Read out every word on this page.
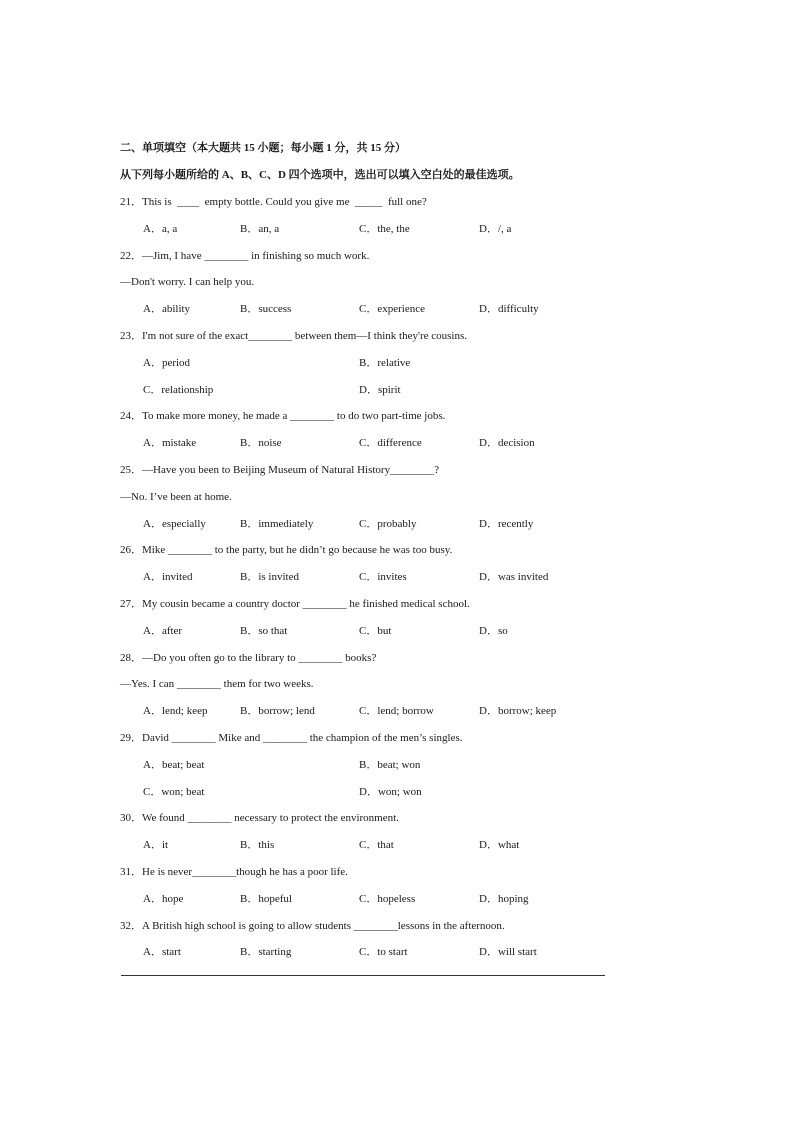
二、单项填空（本大题共 15 小题；每小题 1 分，共 15 分）
从下列每小题所给的 A、B、C、D 四个选项中，选出可以填入空白处的最佳选项。
21．This is  ____  empty bottle. Could you give me  _____  full one?
A．a, a	B．an, a	C．the, the	D．/, a
22．—Jim, I have ________ in finishing so much work.
—Don't worry. I can help you.
A．ability	B．success	C．experience	D．difficulty
23．I'm not sure of the exact________ between them—I think they're cousins.
A．period	B．relative
C．relationship	D．spirit
24．To make more money, he made a ________ to do two part-time jobs.
A．mistake	B．noise	C．difference	D．decision
25．—Have you been to Beijing Museum of Natural History________?
—No. I’ve been at home.
A．especially	B．immediately	C．probably	D．recently
26．Mike ________ to the party, but he didn’t go because he was too busy.
A．invited	B．is invited	C．invites	D．was invited
27．My cousin became a country doctor ________ he finished medical school.
A．after	B．so that	C．but	D．so
28．—Do you often go to the library to ________ books?
—Yes. I can ________ them for two weeks.
A．lend; keep	B．borrow; lend	C．lend; borrow	D．borrow; keep
29．David ________ Mike and ________ the champion of the men’s singles.
A．beat; beat	B．beat; won
C．won; beat	D．won; won
30．We found ________ necessary to protect the environment.
A．it	B．this	C．that	D．what
31．He is never________though he has a poor life.
A．hope	B．hopeful	C．hopeless	D．hoping
32．A British high school is going to allow students ________lessons in the afternoon.
A．start	B．starting	C．to start	D．will start
